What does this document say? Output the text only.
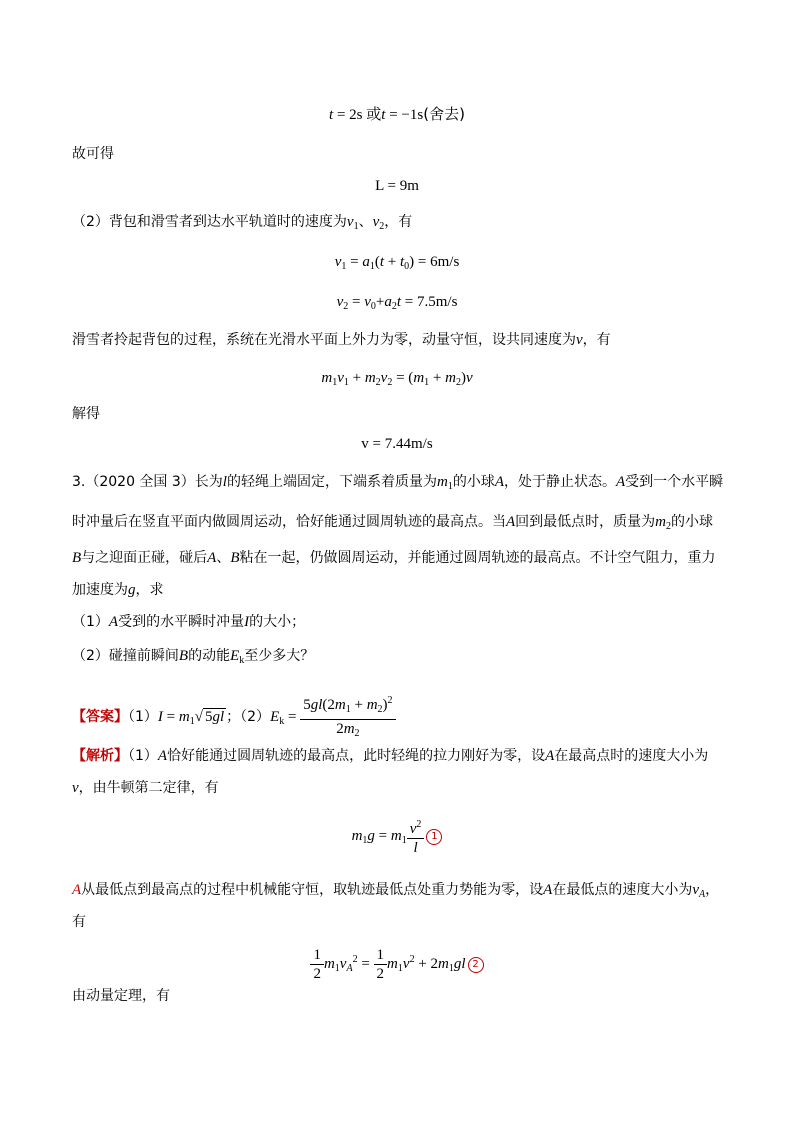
t = 2s 或t = −1s(舍去)
故可得
L = 9m
（2）背包和滑雪者到达水平轨道时的速度为$v_1$、$v_2$，有
$v_1 = a_1(t + t_0) = 6m/s$
$v_2 = v_0+a_2t = 7.5m/s$
滑雪者拎起背包的过程，系统在光滑水平面上外力为零，动量守恒，设共同速度为v，有
$m_1v_1 + m_2v_2 = (m_1 + m_2)v$
解得
v = 7.44m/s
3.（2020 全国 3）长为l的轻绳上端固定，下端系着质量为$m_1$的小球A，处于静止状态。A受到一个水平瞬
时冲量后在竖直平面内做圆周运动，恰好能通过圆周轨迹的最高点。当A回到最低点时，质量为$m_2$的小球
B与之迎面正碰，碰后A、B粘在一起，仍做圆周运动，并能通过圆周轨迹的最高点。不计空气阻力，重力
加速度为g，求
（1）A受到的水平瞬时冲量I的大小；
（2）碰撞前瞬间B的动能$E_k$至少多大？
【答案】$(1)I = m_1√$ 5gl ；$(2)E_k = \frac{5gl(2m_1 + m_2)^2}{2m_2}$
【解析】（1）A恰好能通过圆周轨迹的最高点，此时轻绳的拉力刚好为零，设A在最高点时的速度大小为
v，由牛顿第二定律，有
$m_1g = m_1 \frac{v^2}{l} 1$
A从最低点到最高点的过程中机械能守恒，取轨迹最低点处重力势能为零，设A在最低点的速度大小为$v_A$，
有
$\frac{1}{2} m_1v_A^2 = \frac{1}{2} m_1v^2 + 2m_1gl$ 2
由动量定理，有
